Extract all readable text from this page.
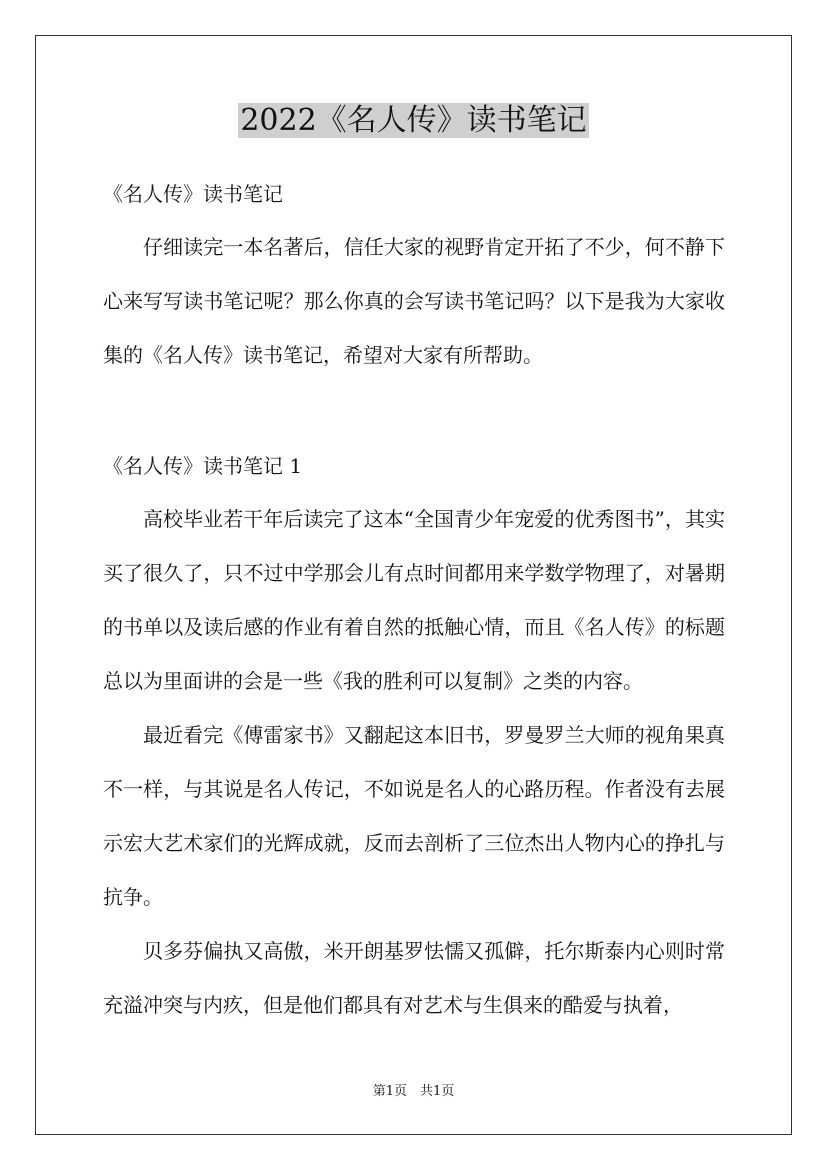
2022《名人传》读书笔记
《名人传》读书笔记

仔细读完一本名著后，信任大家的视野肯定开拓了不少，何不静下心来写写读书笔记呢？那么你真的会写读书笔记吗？以下是我为大家收集的《名人传》读书笔记，希望对大家有所帮助。

《名人传》读书笔记 1

高校毕业若干年后读完了这本“全国青少年宠爱的优秀图书”，其实买了很久了，只不过中学那会儿有点时间都用来学数学物理了，对暑期的书单以及读后感的作业有着自然的抵触心情，而且《名人传》的标题总以为里面讲的会是一些《我的胜利可以复制》之类的内容。

最近看完《傅雷家书》又翻起这本旧书，罗曼罗兰大师的视角果真不一样，与其说是名人传记，不如说是名人的心路历程。作者没有去展示宏大艺术家们的光辉成就，反而去剖析了三位杰出人物内心的挣扎与抗争。

贝多芬偏执又高傲，米开朗基罗怯懦又孤僻，托尔斯泰内心则时常充溢冲突与内疚，但是他们都具有对艺术与生俱来的酷爱与执着，

第1页　共1页
